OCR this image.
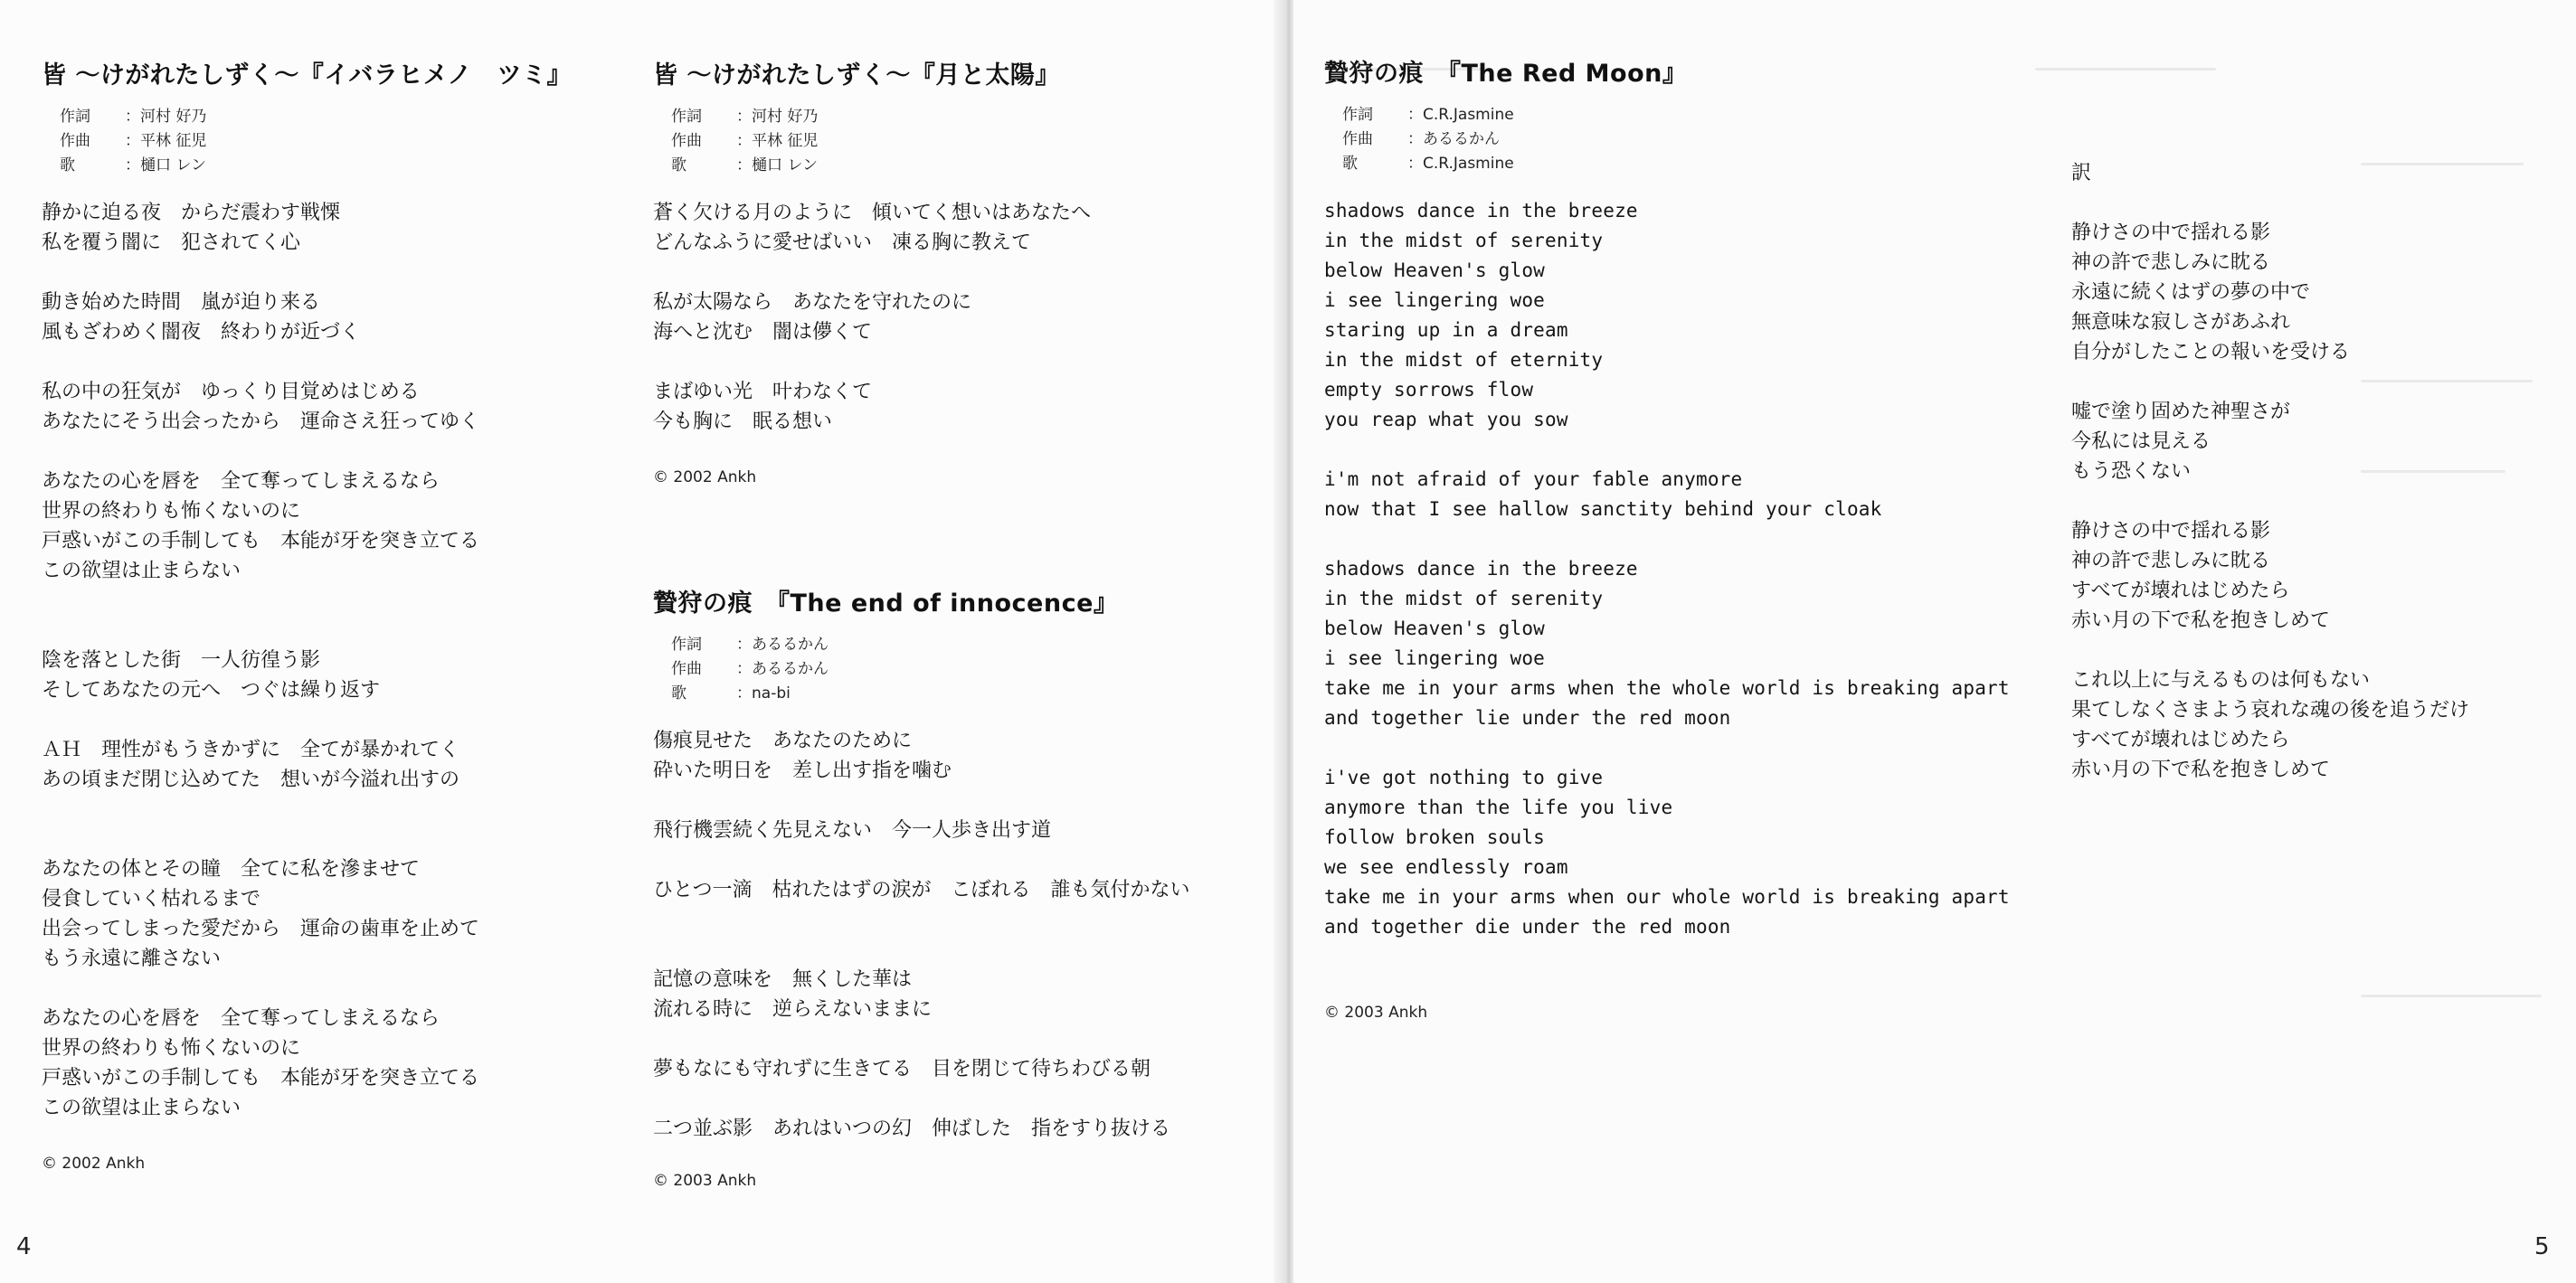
皆 ～けがれたしずく～『イバラヒメノ　ツミ』
作詞	：河村 好乃
作曲	：平林 征児
歌　	：樋口 レン
静かに迫る夜　からだ震わす戦慄
私を覆う闇に　犯されてく心
動き始めた時間　嵐が迫り来る
風もざわめく闇夜　終わりが近づく
私の中の狂気が　ゆっくり目覚めはじめる
あなたにそう出会ったから　運命さえ狂ってゆく
あなたの心を唇を　全て奪ってしまえるなら
世界の終わりも怖くないのに
戸惑いがこの手制しても　本能が牙を突き立てる
この欲望は止まらない
陰を落とした街　一人彷徨う影
そしてあなたの元へ　つぐは繰り返す
ＡＨ　理性がもうきかずに　全てが暴かれてく
あの頃まだ閉じ込めてた　想いが今溢れ出すの
あなたの体とその瞳　全てに私を滲ませて
侵食していく枯れるまで
出会ってしまった愛だから　運命の歯車を止めて
もう永遠に離さない
あなたの心を唇を　全て奪ってしまえるなら
世界の終わりも怖くないのに
戸惑いがこの手制しても　本能が牙を突き立てる
この欲望は止まらない
© 2002 Ankh
皆 ～けがれたしずく～『月と太陽』
作詞	：河村 好乃
作曲	：平林 征児
歌　	：樋口 レン
蒼く欠ける月のように　傾いてく想いはあなたへ
どんなふうに愛せばいい　凍る胸に教えて
私が太陽なら　あなたを守れたのに
海へと沈む　闇は儚くて
まばゆい光　叶わなくて
今も胸に　眠る想い
© 2002 Ankh
贄狩の痕　『The end of innocence』
作詞	：あるるかん
作曲	：あるるかん
歌　	：na-bi
傷痕見せた　あなたのために
砕いた明日を　差し出す指を噛む
飛行機雲続く先見えない　今一人歩き出す道
ひとつ一滴　枯れたはずの涙が　こぼれる　誰も気付かない
記憶の意味を　無くした華は
流れる時に　逆らえないままに
夢もなにも守れずに生きてる　目を閉じて待ちわびる朝
二つ並ぶ影　あれはいつの幻　伸ばした　指をすり抜ける
© 2003 Ankh
4
贄狩の痕　『The Red Moon』
作詞	：C.R.Jasmine
作曲	：あるるかん
歌　	：C.R.Jasmine
shadows dance in the breeze
in the midst of serenity
below Heaven's glow
i see lingering woe
staring up in a dream
in the midst of eternity
empty sorrows flow
you reap what you sow
i'm not afraid of your fable anymore
now that I see hallow sanctity behind your cloak
shadows dance in the breeze
in the midst of serenity
below Heaven's glow
i see lingering woe
take me in your arms when the whole world is breaking apart
and together lie under the red moon
i've got nothing to give
anymore than the life you live
follow broken souls
we see endlessly roam
take me in your arms when our whole world is breaking apart
and together die under the red moon
© 2003 Ankh
訳
静けさの中で揺れる影
神の許で悲しみに眈る
永遠に続くはずの夢の中で
無意味な寂しさがあふれ
自分がしたことの報いを受ける
嘘で塗り固めた神聖さが
今私には見える
もう恐くない
静けさの中で揺れる影
神の許で悲しみに眈る
すべてが壊れはじめたら
赤い月の下で私を抱きしめて
これ以上に与えるものは何もない
果てしなくさまよう哀れな魂の後を追うだけ
すべてが壊れはじめたら
赤い月の下で私を抱きしめて
5
